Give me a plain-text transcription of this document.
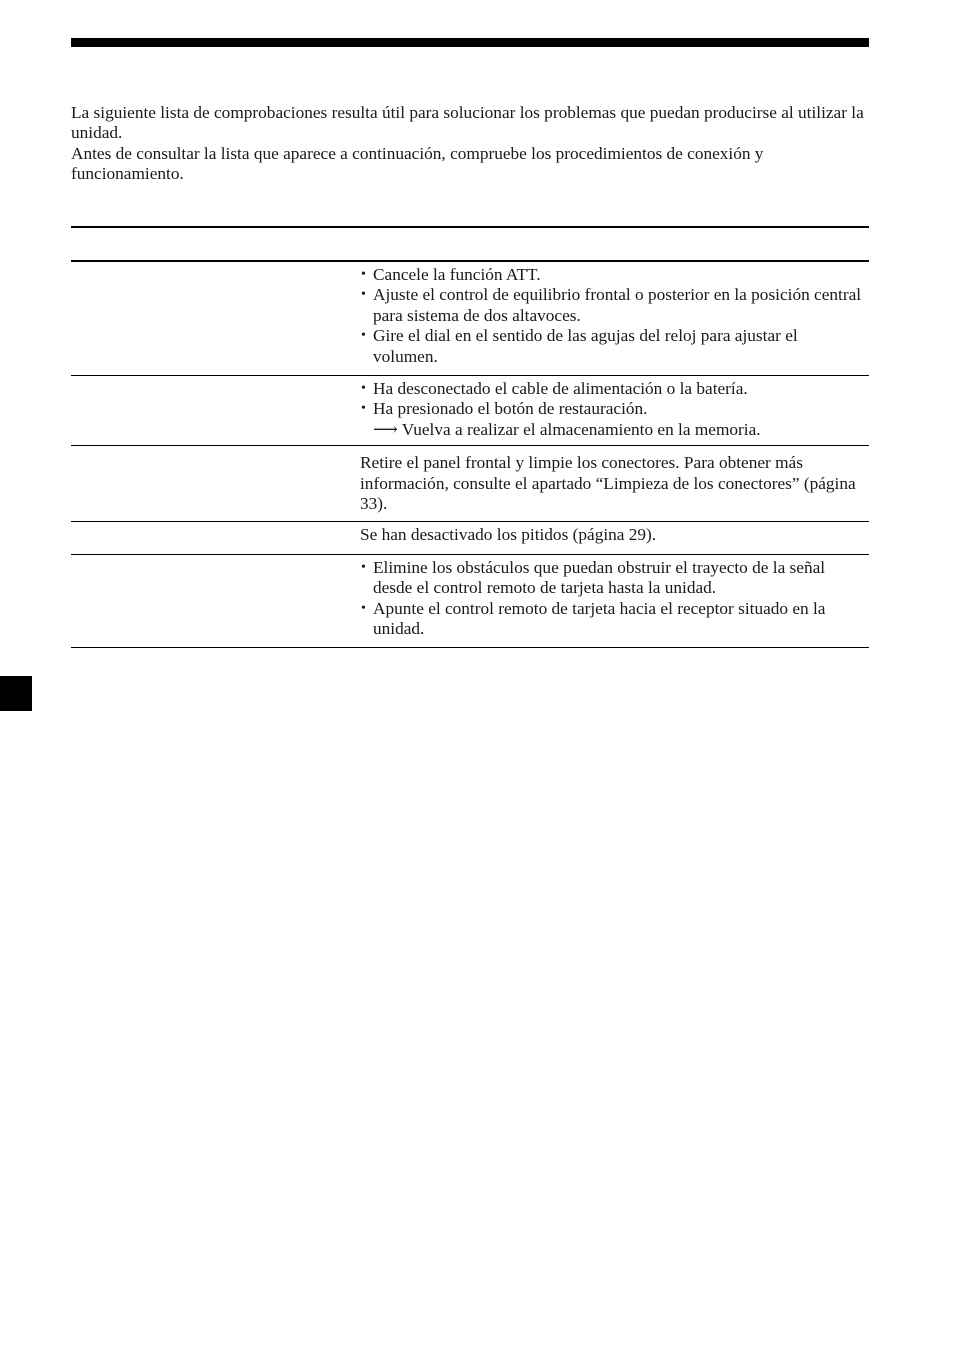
La siguiente lista de comprobaciones resulta útil para solucionar los problemas que puedan producirse al utilizar la unidad.

Antes de consultar la lista que aparece a continuación, compruebe los procedimientos de conexión y funcionamiento.

• Cancele la función ATT.
• Ajuste el control de equilibrio frontal o posterior en la posición central para sistema de dos altavoces.
• Gire el dial en el sentido de las agujas del reloj para ajustar el volumen.
• Ha desconectado el cable de alimentación o la batería.
• Ha presionado el botón de restauración.
⟶ Vuelva a realizar el almacenamiento en la memoria.

Retire el panel frontal y limpie los conectores. Para obtener más información, consulte el apartado “Limpieza de los conectores” (página 33).

Se han desactivado los pitidos (página 29).

• Elimine los obstáculos que puedan obstruir el trayecto de la señal desde el control remoto de tarjeta hasta la unidad.
• Apunte el control remoto de tarjeta hacia el receptor situado en la unidad.
